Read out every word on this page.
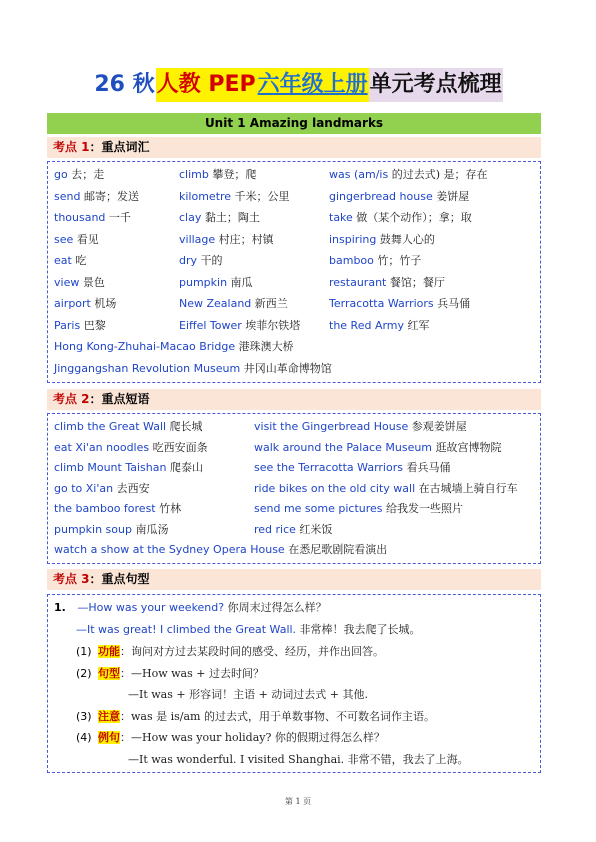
26 秋人教 PEP六年级上册单元考点梳理
Unit 1 Amazing landmarks
考点 1：重点词汇
go 去；走	climb 攀登；爬	was (am/is 的过去式) 是；存在
send 邮寄；发送	kilometre 千米；公里	gingerbread house 姜饼屋
thousand 一千	clay 黏土；陶土	take 做（某个动作）；拿；取
see 看见	village 村庄；村镇	inspiring 鼓舞人心的
eat 吃	dry 干的	bamboo 竹；竹子
view 景色	pumpkin 南瓜	restaurant 餐馆；餐厅
airport 机场	New Zealand 新西兰	Terracotta Warriors 兵马俑
Paris 巴黎	Eiffel Tower 埃菲尔铁塔	the Red Army 红军
Hong Kong-Zhuhai-Macao Bridge 港珠澳大桥
Jinggangshan Revolution Museum 井冈山革命博物馆
考点 2：重点短语
climb the Great Wall 爬长城	visit the Gingerbread House 参观姜饼屋
eat Xi'an noodles 吃西安面条	walk around the Palace Museum 逛故宫博物院
climb Mount Taishan 爬泰山	see the Terracotta Warriors 看兵马俑
go to Xi'an 去西安	ride bikes on the old city wall 在古城墙上骑自行车
the bamboo forest 竹林	send me some pictures 给我发一些照片
pumpkin soup 南瓜汤	red rice 红米饭
watch a show at the Sydney Opera House 在悉尼歌剧院看演出
考点 3：重点句型
1. —How was your weekend? 你周末过得怎么样？
—It was great! I climbed the Great Wall. 非常棒！我去爬了长城。
(1) 功能：询问对方过去某段时间的感受、经历，并作出回答。
(2) 句型：—How was + 过去时间？
—It was + 形容词！主语 + 动词过去式 + 其他.
(3) 注意：was 是 is/am 的过去式，用于单数事物、不可数名词作主语。
(4) 例句：—How was your holiday? 你的假期过得怎么样？
—It was wonderful. I visited Shanghai. 非常不错，我去了上海。
第 1 页
